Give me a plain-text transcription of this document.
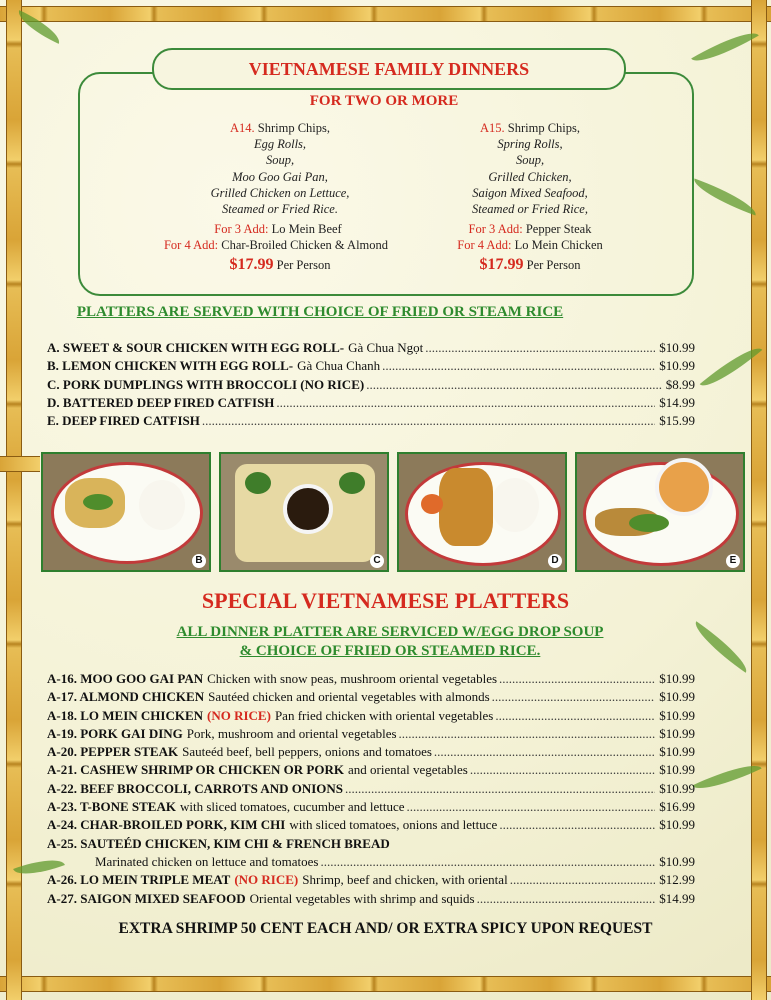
VIETNAMESE FAMILY DINNERS
FOR TWO OR MORE
A14. Shrimp Chips,
Egg Rolls,
Soup,
Moo Goo Gai Pan,
Grilled Chicken on Lettuce,
Steamed or Fried Rice.
For 3 Add: Lo Mein Beef
For 4 Add: Char-Broiled Chicken & Almond
$17.99 Per Person
A15. Shrimp Chips,
Spring Rolls,
Soup,
Grilled Chicken,
Saigon Mixed Seafood,
Steamed or Fried Rice,
For 3 Add: Pepper Steak
For 4 Add: Lo Mein Chicken
$17.99 Per Person
PLATTERS ARE SERVED WITH CHOICE OF FRIED OR STEAM RICE
A. SWEET & SOUR CHICKEN WITH EGG ROLL- Gà Chua Ngọt .....	$10.99
B. LEMON CHICKEN WITH EGG ROLL- Gà Chua Chanh .....	$10.99
C. PORK DUMPLINGS WITH BROCCOLI (NO RICE) .....	$8.99
D. BATTERED DEEP FIRED CATFISH .....	$14.99
E. DEEP FIRED CATFISH .....	$15.99
B	C	D	E
SPECIAL VIETNAMESE PLATTERS
ALL DINNER PLATTER ARE SERVICED W/EGG DROP SOUP
& CHOICE OF FRIED OR STEAMED RICE.
A-16. MOO GOO GAI PAN Chicken with snow peas, mushroom oriental vegetables .....	$10.99
A-17. ALMOND CHICKEN Sautéed chicken and oriental vegetables with almonds .....	$10.99
A-18. LO MEIN CHICKEN (NO RICE) Pan fried chicken with oriental vegetables .....	$10.99
A-19. PORK GAI DING Pork, mushroom and oriental vegetables .....	$10.99
A-20. PEPPER STEAK Sauteéd beef, bell peppers, onions and tomatoes .....	$10.99
A-21. CASHEW SHRIMP OR CHICKEN OR PORK and oriental vegetables .....	$10.99
A-22. BEEF BROCCOLI, CARROTS AND ONIONS .....	$10.99
A-23. T-BONE STEAK with sliced tomatoes, cucumber and lettuce .....	$16.99
A-24. CHAR-BROILED PORK, KIM CHI with sliced tomatoes, onions and lettuce .....	$10.99
A-25. SAUTEÉD CHICKEN, KIM CHI & FRENCH BREAD
Marinated chicken on lettuce and tomatoes .....	$10.99
A-26. LO MEIN TRIPLE MEAT (NO RICE) Shrimp, beef and chicken, with oriental .....	$12.99
A-27. SAIGON MIXED SEAFOOD Oriental vegetables with shrimp and squids .....	$14.99
EXTRA SHRIMP 50 CENT EACH AND/ OR EXTRA SPICY UPON REQUEST
